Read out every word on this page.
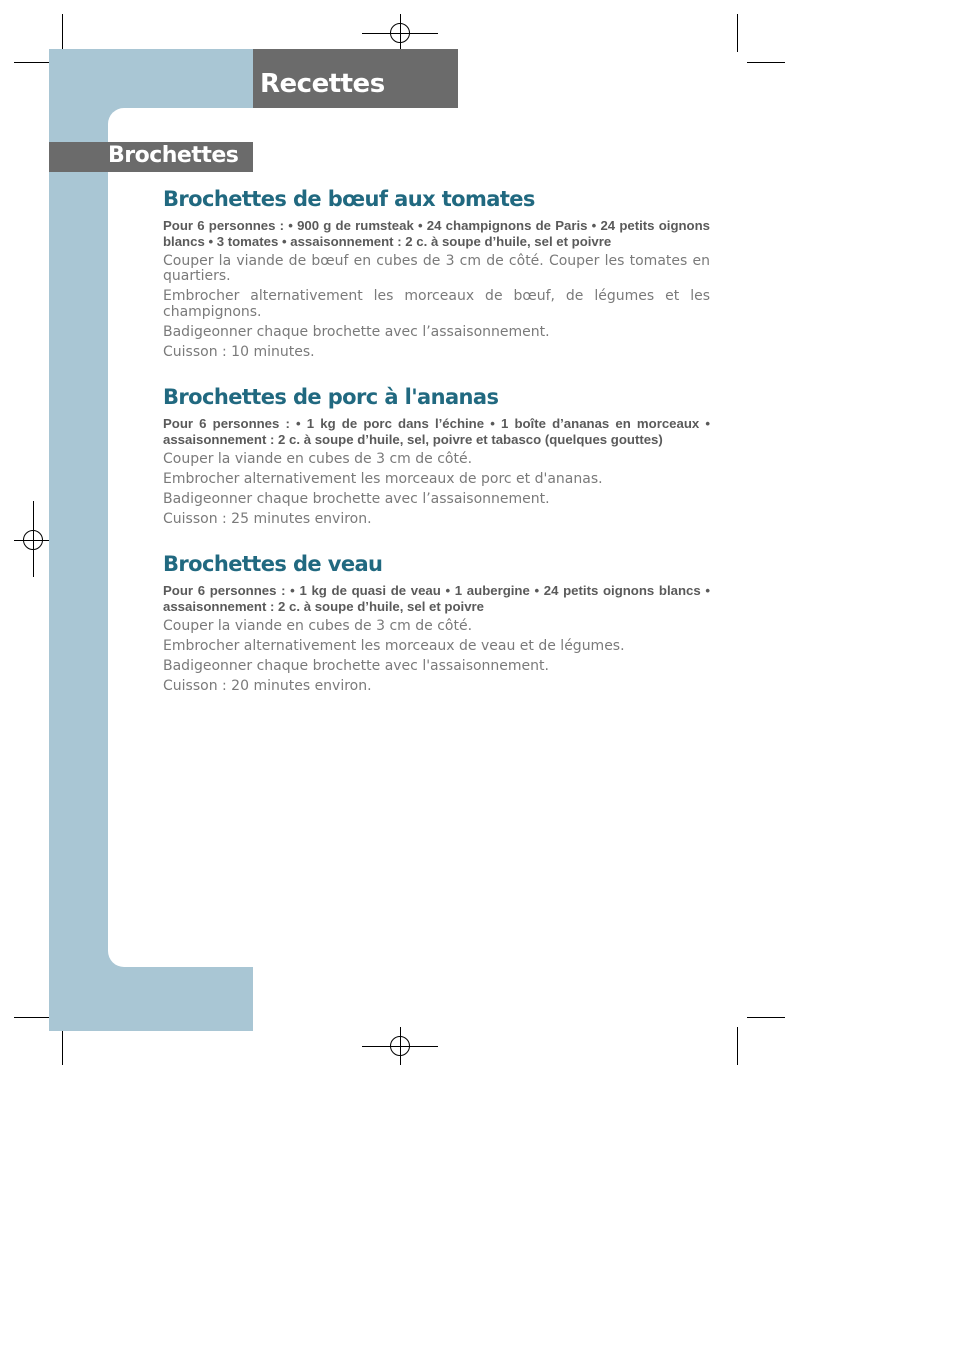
Recettes
Brochettes
Brochettes de bœuf aux tomates

Pour 6 personnes : • 900 g de rumsteak • 24 champignons de Paris • 24 petits oignons blancs • 3 tomates • assaisonnement : 2 c. à soupe d’huile, sel et poivre

Couper la viande de bœuf en cubes de 3 cm de côté. Couper les tomates en quartiers.

Embrocher alternativement les morceaux de bœuf, de légumes et les champignons.

Badigeonner chaque brochette avec l’assaisonnement.

Cuisson : 10 minutes.

Brochettes de porc à l'ananas

Pour 6 personnes : • 1 kg de porc dans l’échine • 1 boîte d’ananas en morceaux • assaisonnement : 2 c. à soupe d’huile, sel, poivre et tabasco (quelques gouttes)

Couper la viande en cubes de 3 cm de côté.

Embrocher alternativement les morceaux de porc et d'ananas.

Badigeonner chaque brochette avec l’assaisonnement.

Cuisson : 25 minutes environ.

Brochettes de veau

Pour 6 personnes : • 1 kg de quasi de veau • 1 aubergine • 24 petits oignons blancs • assaisonnement : 2 c. à soupe d’huile, sel et poivre

Couper la viande en cubes de 3 cm de côté.

Embrocher alternativement les morceaux de veau et de légumes.

Badigeonner chaque brochette avec l'assaisonnement.

Cuisson : 20 minutes environ.
